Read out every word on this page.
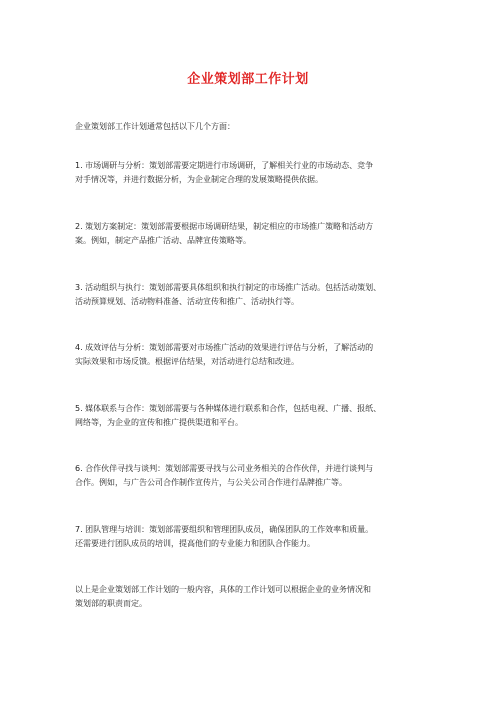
企业策划部工作计划
企业策划部工作计划通常包括以下几个方面：
1. 市场调研与分析：策划部需要定期进行市场调研，了解相关行业的市场动态、竞争
对手情况等，并进行数据分析，为企业制定合理的发展策略提供依据。
2. 策划方案制定：策划部需要根据市场调研结果，制定相应的市场推广策略和活动方
案。例如，制定产品推广活动、品牌宣传策略等。
3. 活动组织与执行：策划部需要具体组织和执行制定的市场推广活动。包括活动策划、
活动预算规划、活动物料准备、活动宣传和推广、活动执行等。
4. 成效评估与分析：策划部需要对市场推广活动的效果进行评估与分析，了解活动的
实际效果和市场反馈。根据评估结果，对活动进行总结和改进。
5. 媒体联系与合作：策划部需要与各种媒体进行联系和合作，包括电视、广播、报纸、
网络等，为企业的宣传和推广提供渠道和平台。
6. 合作伙伴寻找与谈判：策划部需要寻找与公司业务相关的合作伙伴，并进行谈判与
合作。例如，与广告公司合作制作宣传片，与公关公司合作进行品牌推广等。
7. 团队管理与培训：策划部需要组织和管理团队成员，确保团队的工作效率和质量。
还需要进行团队成员的培训，提高他们的专业能力和团队合作能力。
以上是企业策划部工作计划的一般内容，具体的工作计划可以根据企业的业务情况和
策划部的职责而定。
